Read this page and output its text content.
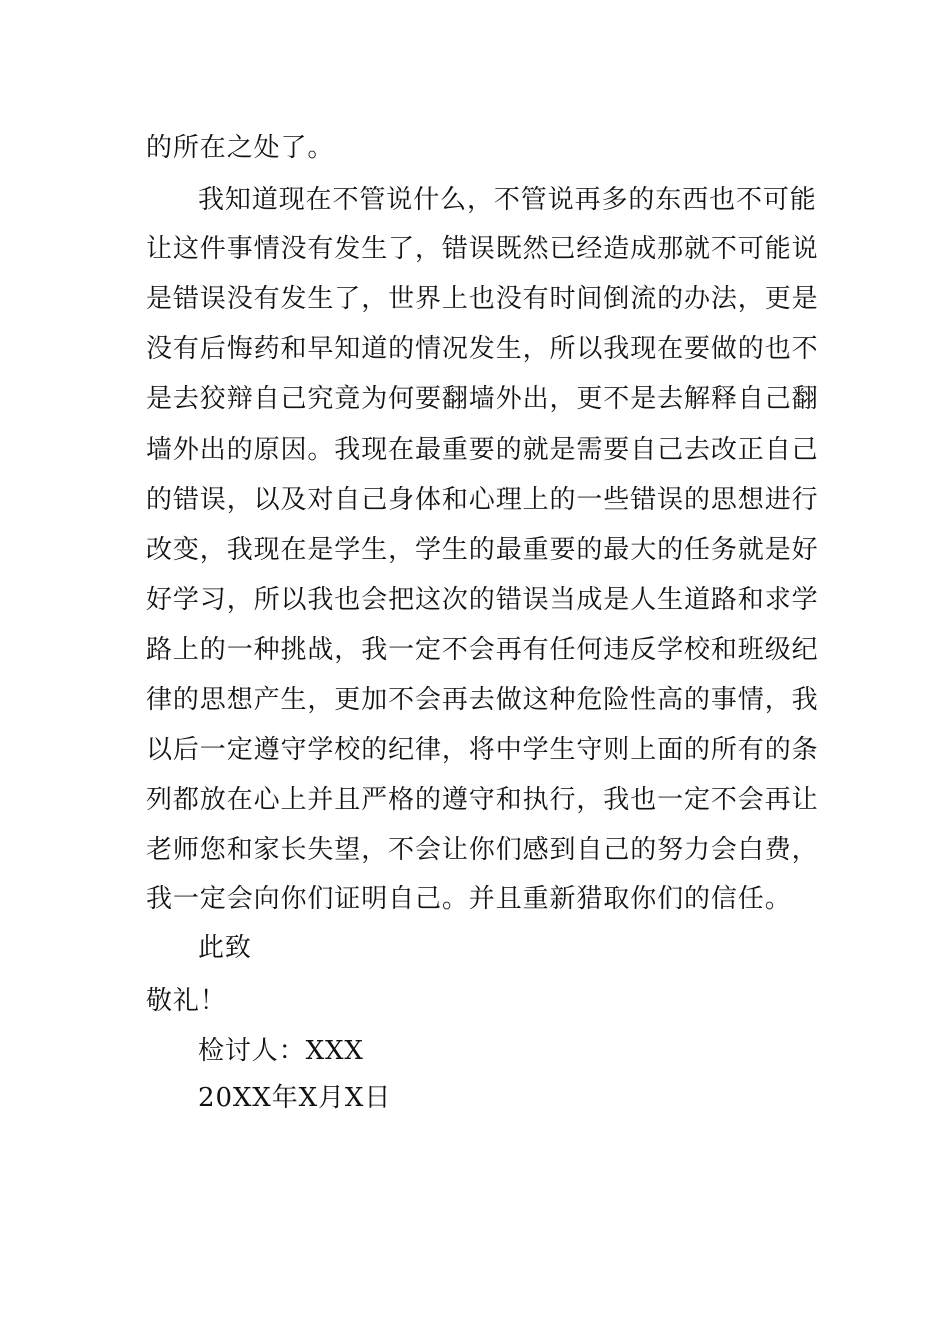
的所在之处了。
我知道现在不管说什么，不管说再多的东西也不可能
让这件事情没有发生了，错误既然已经造成那就不可能说
是错误没有发生了，世界上也没有时间倒流的办法，更是
没有后悔药和早知道的情况发生，所以我现在要做的也不
是去狡辩自己究竟为何要翻墙外出，更不是去解释自己翻
墙外出的原因。我现在最重要的就是需要自己去改正自己
的错误，以及对自己身体和心理上的一些错误的思想进行
改变，我现在是学生，学生的最重要的最大的任务就是好
好学习，所以我也会把这次的错误当成是人生道路和求学
路上的一种挑战，我一定不会再有任何违反学校和班级纪
律的思想产生，更加不会再去做这种危险性高的事情，我
以后一定遵守学校的纪律，将中学生守则上面的所有的条
列都放在心上并且严格的遵守和执行，我也一定不会再让
老师您和家长失望，不会让你们感到自己的努力会白费，
我一定会向你们证明自己。并且重新猎取你们的信任。
此致
敬礼！
检讨人：XXX
20XX年X月X日
